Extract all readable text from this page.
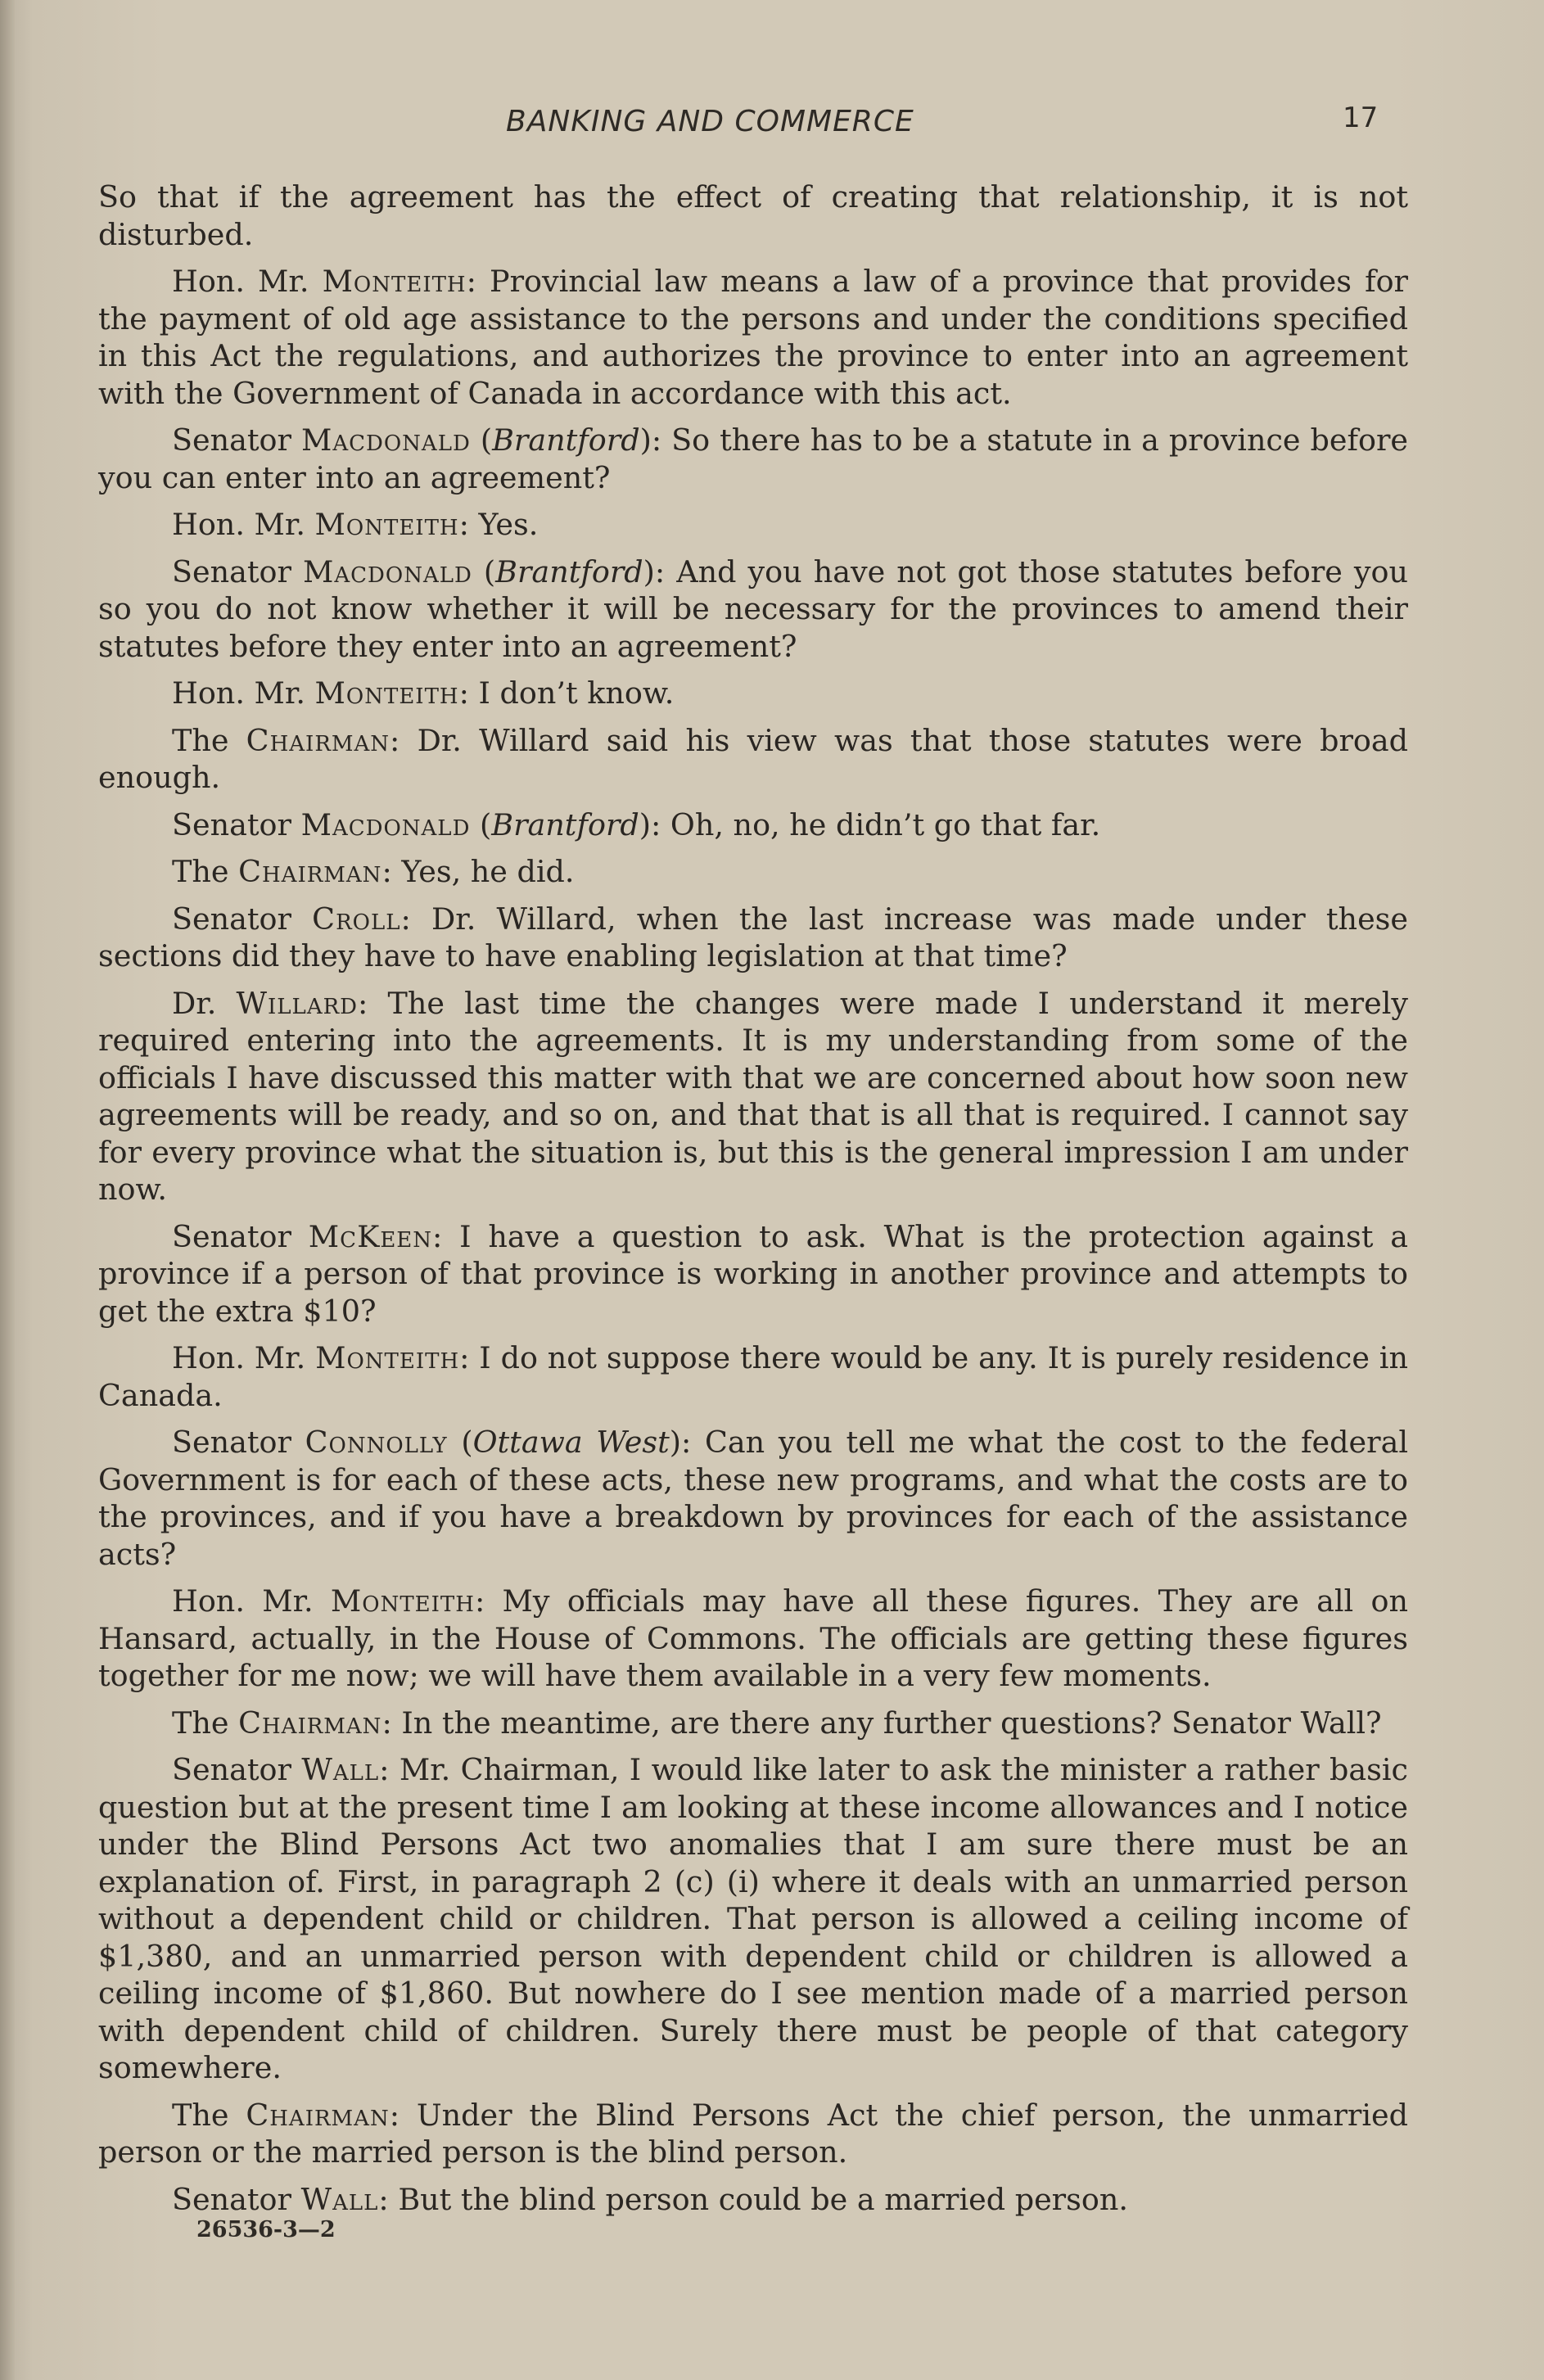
BANKING AND COMMERCE	17

So that if the agreement has the effect of creating that relationship, it is not disturbed.

Hon. Mr. Monteith: Provincial law means a law of a province that provides for the payment of old age assistance to the persons and under the conditions specified in this Act the regulations, and authorizes the province to enter into an agreement with the Government of Canada in accordance with this act.

Senator Macdonald (Brantford): So there has to be a statute in a province before you can enter into an agreement?

Hon. Mr. Monteith: Yes.

Senator Macdonald (Brantford): And you have not got those statutes before you so you do not know whether it will be necessary for the provinces to amend their statutes before they enter into an agreement?

Hon. Mr. Monteith: I don’t know.

The Chairman: Dr. Willard said his view was that those statutes were broad enough.

Senator Macdonald (Brantford): Oh, no, he didn’t go that far.

The Chairman: Yes, he did.

Senator Croll: Dr. Willard, when the last increase was made under these sections did they have to have enabling legislation at that time?

Dr. Willard: The last time the changes were made I understand it merely required entering into the agreements. It is my understanding from some of the officials I have discussed this matter with that we are concerned about how soon new agreements will be ready, and so on, and that that is all that is required. I cannot say for every province what the situation is, but this is the general impression I am under now.

Senator McKeen: I have a question to ask. What is the protection against a province if a person of that province is working in another province and attempts to get the extra $10?

Hon. Mr. Monteith: I do not suppose there would be any. It is purely residence in Canada.

Senator Connolly (Ottawa West): Can you tell me what the cost to the federal Government is for each of these acts, these new programs, and what the costs are to the provinces, and if you have a breakdown by provinces for each of the assistance acts?

Hon. Mr. Monteith: My officials may have all these figures. They are all on Hansard, actually, in the House of Commons. The officials are getting these figures together for me now; we will have them available in a very few moments.

The Chairman: In the meantime, are there any further questions? Senator Wall?

Senator Wall: Mr. Chairman, I would like later to ask the minister a rather basic question but at the present time I am looking at these income allowances and I notice under the Blind Persons Act two anomalies that I am sure there must be an explanation of. First, in paragraph 2 (c) (i) where it deals with an unmarried person without a dependent child or children. That person is allowed a ceiling income of $1,380, and an unmarried person with dependent child or children is allowed a ceiling income of $1,860. But nowhere do I see mention made of a married person with dependent child of children. Surely there must be people of that category somewhere.

The Chairman: Under the Blind Persons Act the chief person, the unmarried person or the married person is the blind person.

Senator Wall: But the blind person could be a married person.

26536-3—2
